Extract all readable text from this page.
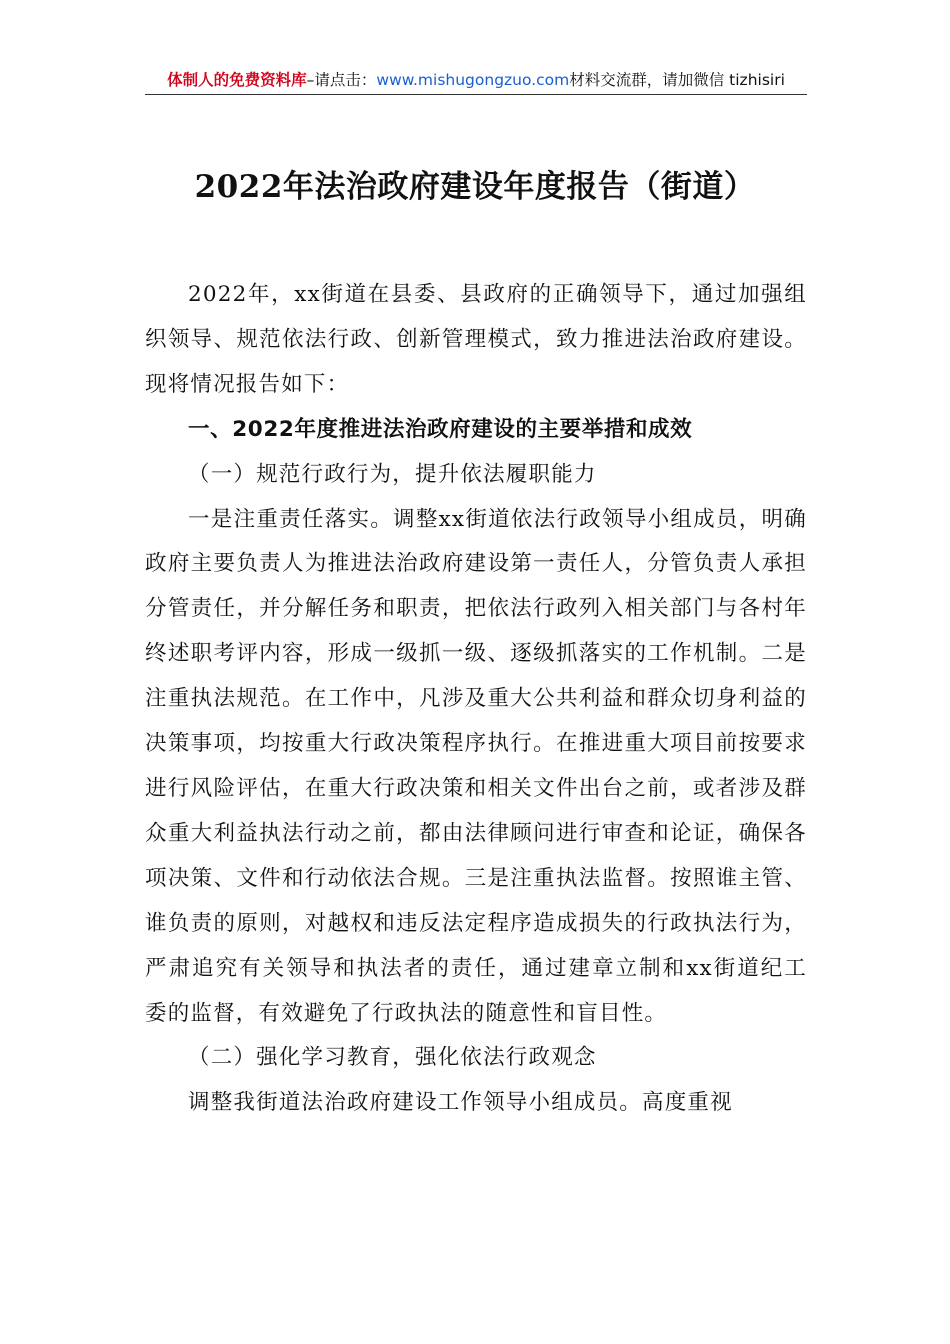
体制人的免费资料库–请点击：www.mishugongzuo.com材料交流群，请加微信 tizhisiri
2022年法治政府建设年度报告（街道）

2022年，xx街道在县委、县政府的正确领导下，通过加强组织领导、规范依法行政、创新管理模式，致力推进法治政府建设。现将情况报告如下：

一、2022年度推进法治政府建设的主要举措和成效

（一）规范行政行为，提升依法履职能力

一是注重责任落实。调整xx街道依法行政领导小组成员，明确政府主要负责人为推进法治政府建设第一责任人，分管负责人承担分管责任，并分解任务和职责，把依法行政列入相关部门与各村年终述职考评内容，形成一级抓一级、逐级抓落实的工作机制。二是注重执法规范。在工作中，凡涉及重大公共利益和群众切身利益的决策事项，均按重大行政决策程序执行。在推进重大项目前按要求进行风险评估，在重大行政决策和相关文件出台之前，或者涉及群众重大利益执法行动之前，都由法律顾问进行审查和论证，确保各项决策、文件和行动依法合规。三是注重执法监督。按照谁主管、谁负责的原则，对越权和违反法定程序造成损失的行政执法行为，严肃追究有关领导和执法者的责任，通过建章立制和xx街道纪工委的监督，有效避免了行政执法的随意性和盲目性。

（二）强化学习教育，强化依法行政观念

调整我街道法治政府建设工作领导小组成员。高度重视
